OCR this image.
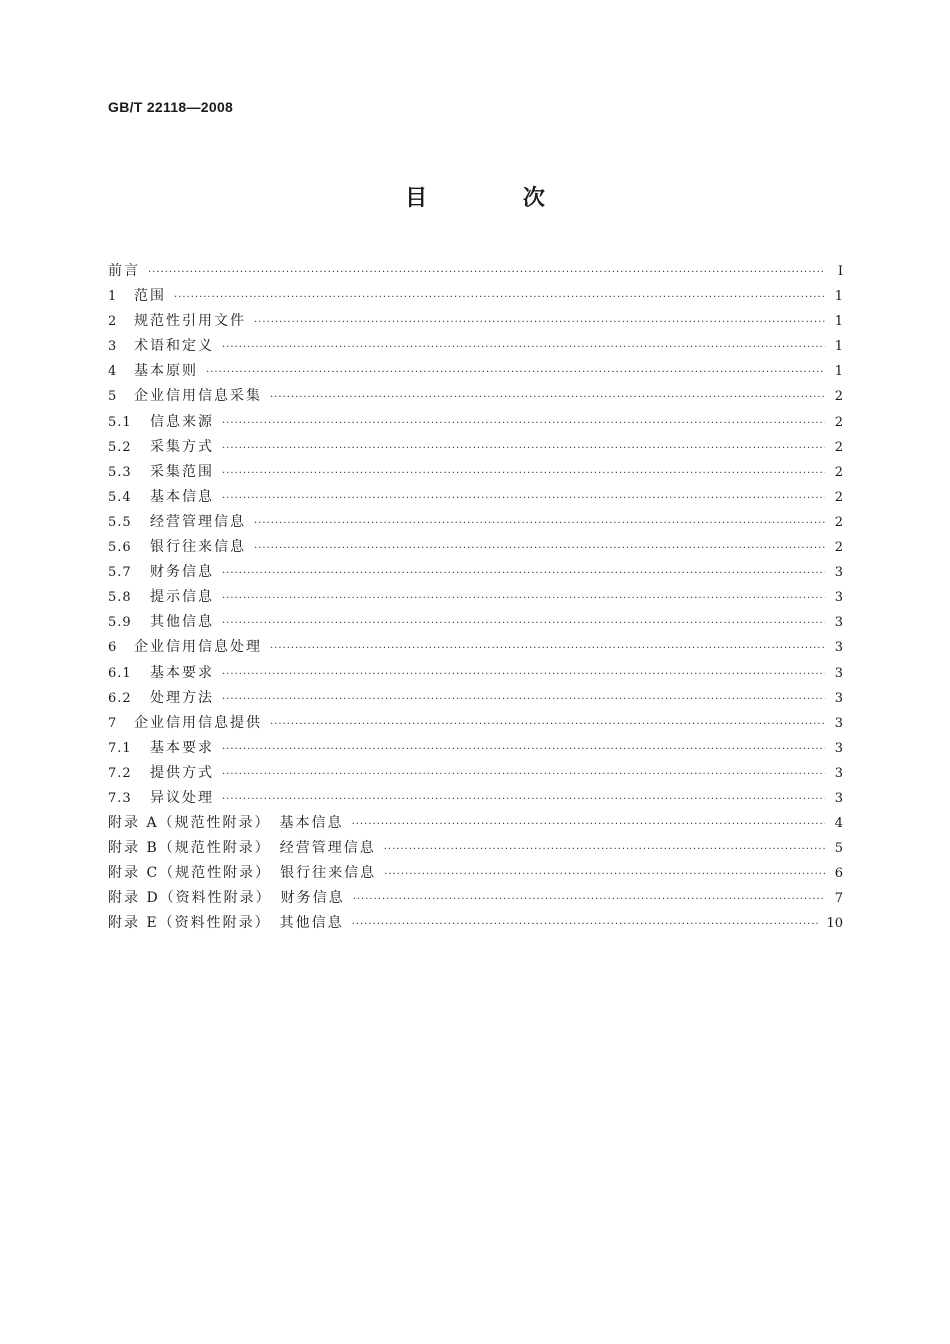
GB/T 22118—2008
目 次
前言 ·····	I
1	范围 ·····	1
2	规范性引用文件 ·····	1
3	术语和定义 ·····	1
4	基本原则 ·····	1
5	企业信用信息采集 ·····	2
5.1	信息来源 ·····	2
5.2	采集方式 ·····	2
5.3	采集范围 ·····	2
5.4	基本信息 ·····	2
5.5	经营管理信息 ·····	2
5.6	银行往来信息 ·····	2
5.7	财务信息 ·····	3
5.8	提示信息 ·····	3
5.9	其他信息 ·····	3
6	企业信用信息处理 ·····	3
6.1	基本要求 ·····	3
6.2	处理方法 ·····	3
7	企业信用信息提供 ·····	3
7.1	基本要求 ·····	3
7.2	提供方式 ·····	3
7.3	异议处理 ·····	3
附录 A（规范性附录）　基本信息 ·····	4
附录 B（规范性附录）　经营管理信息 ·····	5
附录 C（规范性附录）　银行往来信息 ·····	6
附录 D（资料性附录）　财务信息 ·····	7
附录 E（资料性附录）　其他信息 ·····	10
